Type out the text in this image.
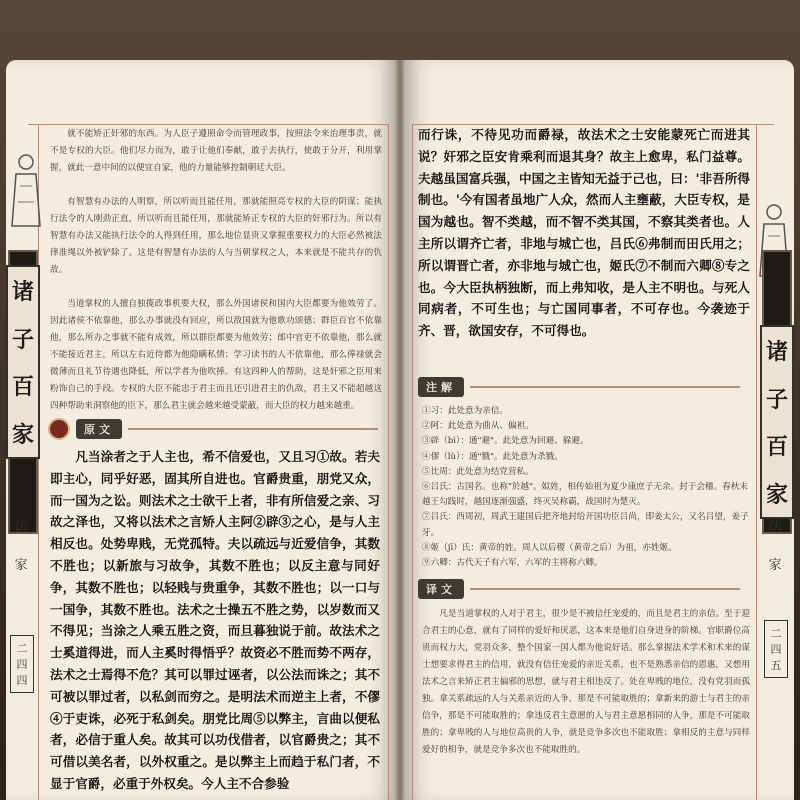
诸
子
百
家
法
家
二
四
四

就不能矫正奸邪的东西。为人臣子遵照命令而管理政事，按照法令来治理事责，就不是专权的大臣。他们尽力而为，敢于让他们奉献，敢于去执行，使敢于分开，利用掌握，就此一意中间的以便宜自家，他的力量能够控制朝廷大臣。

有智慧有办法的人明察，所以听而且能任用，那就能照亮专权的大臣的阴谋；能执行法令的人刚劲正直，所以听而且能任用，那就能矫正专权的大臣的奸邪行为。所以有智慧有办法又能执行法令的人得到任用，那么地位显贵又掌握重要权力的大臣必然被法律准绳以外被铲除了。这是有智慧有办法的人与当朝掌权之人，本来就是不能共存的仇敌。

当道掌权的人擅自独揽政事机要大权，那么外国诸侯和国内大臣都要为他效劳了。因此诸侯不依靠他，那么办事就没有回应，所以敌国就为他歌功颂德；群臣百官不依靠他，那么所办之事就不能有成效，所以群臣都要为他效劳；郎中官吏不依靠他，那么就不能接近君主，所以左右近侍都为他隐瞒私情；学习读书的人不依靠他，那么俸禄就会微薄而且礼节待遇也降低，所以学者为他吹捧。有这四种人的帮助，这是奸邪之臣用来粉饰自己的手段。专权的大臣不能忠于君主而且还引进君主的仇敌，君主又不能超越这四种帮助来洞察他的臣下，那么君主就会越来越受蒙蔽，而大臣的权力越来越重。

原文

凡当涂者之于人主也，希不信爱也，又且习①故。若夫即主心，同乎好恶，固其所自进也。官爵贵重，朋党又众，而一国为之讼。则法术之士欲干上者，非有所信爱之亲、习故之泽也，又将以法术之言矫人主阿②辟③之心，是与人主相反也。处势卑贱，无党孤特。夫以疏远与近爱信争，其数不胜也；以新旅与习故争，其数不胜也；以反主意与同好争，其数不胜也；以轻贱与贵重争，其数不胜也；以一口与一国争，其数不胜也。法术之士操五不胜之势，以岁数而又不得见；当涂之人乘五胜之资，而旦暮独说于前。故法术之士奚道得进，而人主奚时得悟乎？故资必不胜而势不两存，法术之士焉得不危？其可以罪过诬者，以公法而诛之；其不可被以罪过者，以私剑而穷之。是明法术而逆主上者，不僇④于吏诛，必死于私剑矣。朋党比周⑤以弊主，言曲以便私者，必信于重人矣。故其可以功伐借者，以官爵贵之；其不可借以美名者，以外权重之。是以弊主上而趋于私门者，不显于官爵，必重于外权矣。今人主不合参验

诸
子
百
家
法
家
二
四
五

而行诛，不待见功而爵禄，故法术之士安能蒙死亡而进其说？奸邪之臣安肯乘利而退其身？故主上愈卑，私门益尊。夫越虽国富兵强，中国之主皆知无益于己也，曰：'非吾所得制也。'今有国者虽地广人众，然而人主壅蔽，大臣专权，是国为越也。智不类越，而不智不类其国，不察其类者也。人主所以谓齐亡者，非地与城亡也，吕氏⑥弗制而田氏用之；所以谓晋亡者，亦非地与城亡也，姬氏⑦不制而六卿⑧专之也。今大臣执柄独断，而上弗知收，是人主不明也。与死人同病者，不可生也；与亡国同事者，不可存也。今袭迹于齐、晋，欲国安存，不可得也。

注解
①习：此处意为亲信。
②阿：此处意为曲从、偏袒。
③辟（bì）：通"避"。此处意为回避、躲避。
④僇（lù）：通"戮"。此处意为杀戮。
⑤比周：此处意为结党营私。
⑥吕氏：古国名。也称"於越"。姒姓，相传始祖为夏少康庶子无余。封于会稽。春秋末越王勾践时，越国逐渐强盛，终灭吴称霸，战国时为楚灭。
⑦吕氏：西周初，周武王建国后把齐地封给开国功臣吕尚，即姜太公，又名吕望，姜子牙。
⑧姬（jī）氏：黄帝的姓。周人以后稷（黄帝之后）为祖，亦姓姬。
⑨六卿：古代天子有六军，六军的主将称六卿。
译文

凡是当道掌权的人对于君主，很少是不被信任宠爱的，而且是君主的亲信。至于迎合君主的心意，就有了同样的爱好和厌恶，这本来是他们自身进身的阶梯。官职爵位高贵而权力大，党羽众多，整个国家一国人都为他说好话。那么掌握法术学术和术来的谋士想要求得君主的信用，就没有信任宠爱的亲近关系，也不是熟悉亲信的恩惠，又想用法术之言来矫正君主偏邪的思想，就与君主相违反了。处在卑贱的地位，没有党羽而孤独。拿关系疏远的人与关系亲近的人争，那是不可能取胜的；拿新来的游士与君主的亲信争，那是不可能取胜的；拿违反君主意愿的人与君主意愿相同的人争，那是不可能取胜的；拿卑贱的人与地位高贵的人争，就是竞争多次也不能取胜；拿相反的主意与同样爱好的相争，就是竞争多次也不能取胜的。
